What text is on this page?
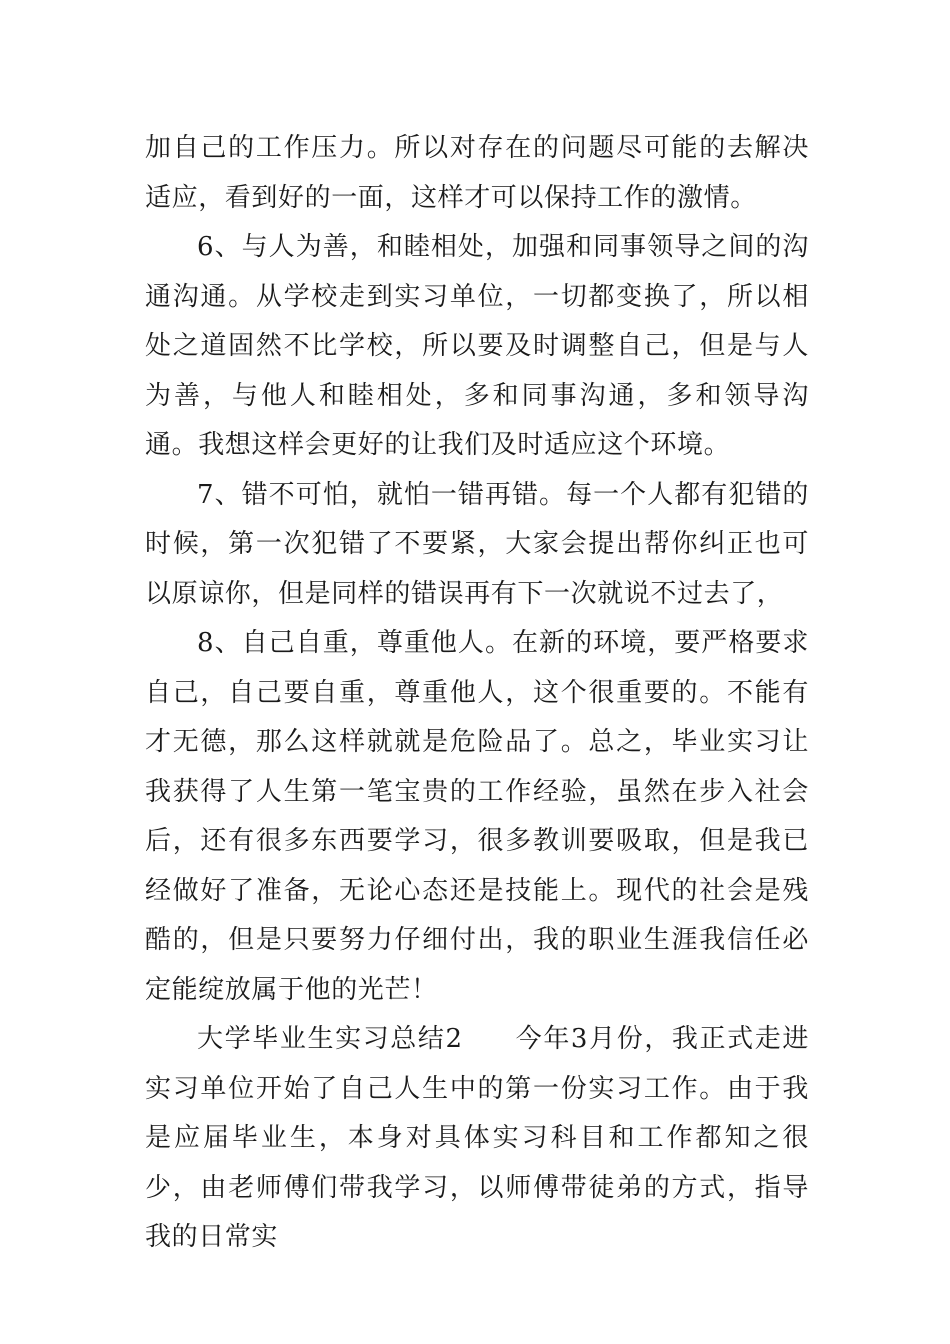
加自己的工作压力。所以对存在的问题尽可能的去解决适应，看到好的一面，这样才可以保持工作的激情。

6、与人为善，和睦相处，加强和同事领导之间的沟通沟通。从学校走到实习单位，一切都变换了，所以相处之道固然不比学校，所以要及时调整自己，但是与人为善，与他人和睦相处，多和同事沟通，多和领导沟通。我想这样会更好的让我们及时适应这个环境。

7、错不可怕，就怕一错再错。每一个人都有犯错的时候，第一次犯错了不要紧，大家会提出帮你纠正也可以原谅你，但是同样的错误再有下一次就说不过去了，

8、自己自重，尊重他人。在新的环境，要严格要求自己，自己要自重，尊重他人，这个很重要的。不能有才无德，那么这样就就是危险品了。总之，毕业实习让我获得了人生第一笔宝贵的工作经验，虽然在步入社会后，还有很多东西要学习，很多教训要吸取，但是我已经做好了准备，无论心态还是技能上。现代的社会是残酷的，但是只要努力仔细付出，我的职业生涯我信任必定能绽放属于他的光芒！

大学毕业生实习总结2 今年3月份，我正式走进实习单位开始了自己人生中的第一份实习工作。由于我是应届毕业生，本身对具体实习科目和工作都知之很少，由老师傅们带我学习，以师傅带徒弟的方式，指导我的日常实
